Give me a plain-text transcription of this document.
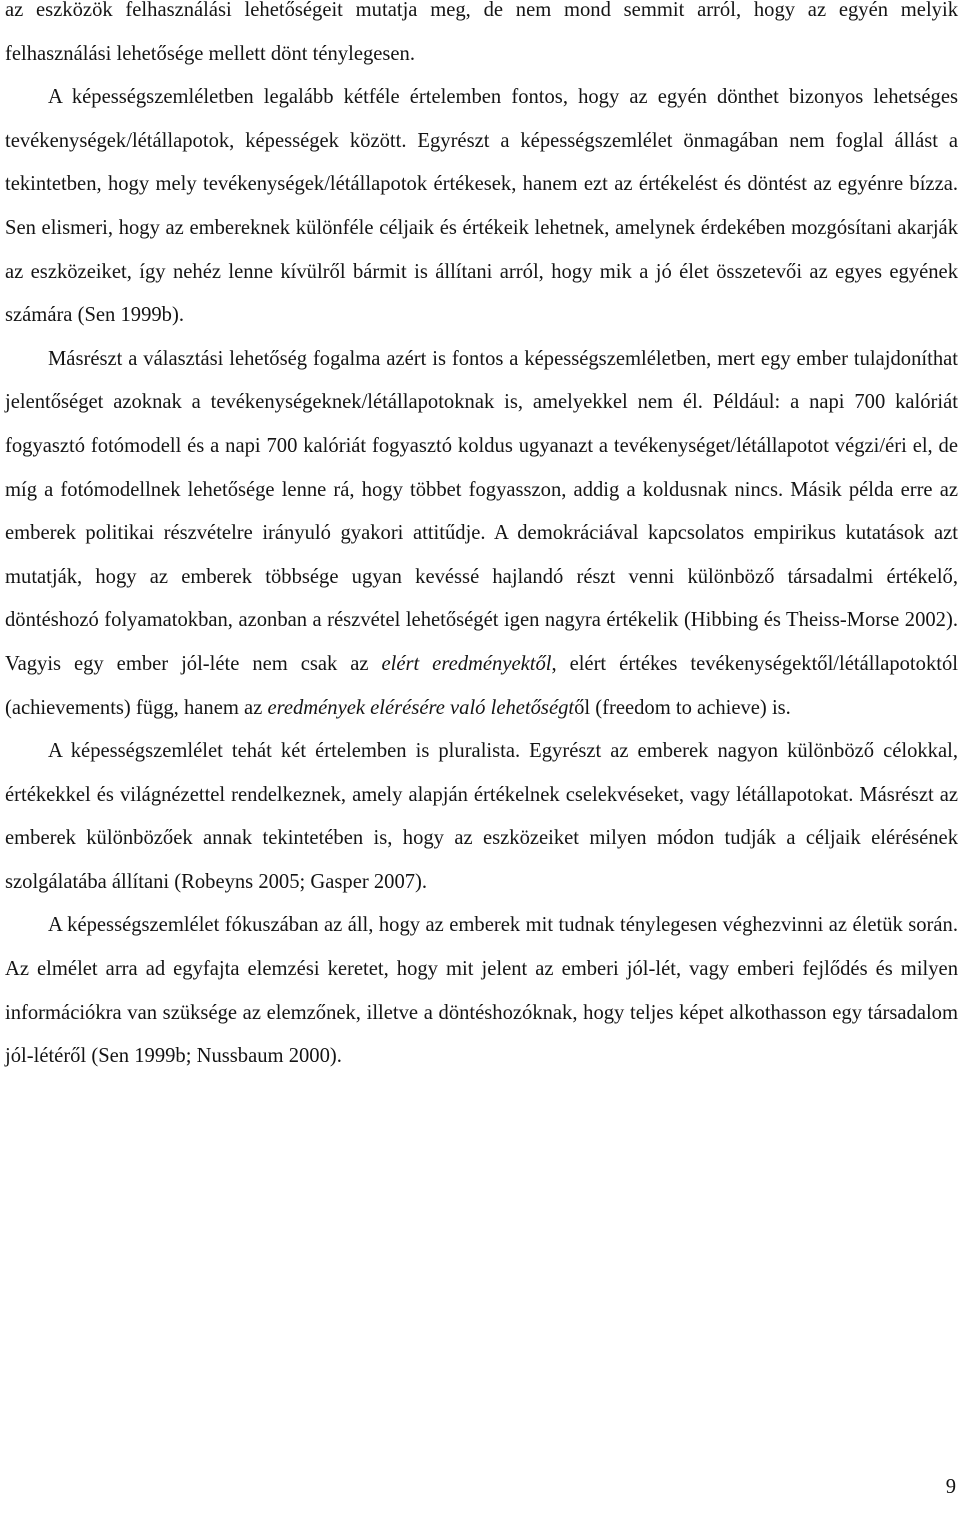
az eszközök felhasználási lehetőségeit mutatja meg, de nem mond semmit arról, hogy az egyén melyik felhasználási lehetősége mellett dönt ténylegesen.

A képességszemléletben legalább kétféle értelemben fontos, hogy az egyén dönthet bizonyos lehetséges tevékenységek/létállapotok, képességek között. Egyrészt a képességszemlélet önmagában nem foglal állást a tekintetben, hogy mely tevékenységek/létállapotok értékesek, hanem ezt az értékelést és döntést az egyénre bízza. Sen elismeri, hogy az embereknek különféle céljaik és értékeik lehetnek, amelynek érdekében mozgósítani akarják az eszközeiket, így nehéz lenne kívülről bármit is állítani arról, hogy mik a jó élet összetevői az egyes egyének számára (Sen 1999b).

Másrészt a választási lehetőség fogalma azért is fontos a képességszemléletben, mert egy ember tulajdoníthat jelentőséget azoknak a tevékenységeknek/létállapotoknak is, amelyekkel nem él. Például: a napi 700 kalóriát fogyasztó fotómodell és a napi 700 kalóriát fogyasztó koldus ugyanazt a tevékenységet/létállapotot végzi/éri el, de míg a fotómodellnek lehetősége lenne rá, hogy többet fogyasszon, addig a koldusnak nincs. Másik példa erre az emberek politikai részvételre irányuló gyakori attitűdje. A demokráciával kapcsolatos empirikus kutatások azt mutatják, hogy az emberek többsége ugyan kevéssé hajlandó részt venni különböző társadalmi értékelő, döntéshozó folyamatokban, azonban a részvétel lehetőségét igen nagyra értékelik (Hibbing és Theiss-Morse 2002). Vagyis egy ember jól-léte nem csak az elért eredményektől, elért értékes tevékenységektől/létállapotoktól (achievements) függ, hanem az eredmények elérésére való lehetőségtől (freedom to achieve) is.

A képességszemlélet tehát két értelemben is pluralista. Egyrészt az emberek nagyon különböző célokkal, értékekkel és világnézettel rendelkeznek, amely alapján értékelnek cselekvéseket, vagy létállapotokat. Másrészt az emberek különbözőek annak tekintetében is, hogy az eszközeiket milyen módon tudják a céljaik elérésének szolgálatába állítani (Robeyns 2005; Gasper 2007).

A képességszemlélet fókuszában az áll, hogy az emberek mit tudnak ténylegesen véghezvinni az életük során. Az elmélet arra ad egyfajta elemzési keretet, hogy mit jelent az emberi jól-lét, vagy emberi fejlődés és milyen információkra van szüksége az elemzőnek, illetve a döntéshozóknak, hogy teljes képet alkothasson egy társadalom jól-létéről (Sen 1999b; Nussbaum 2000).

9
